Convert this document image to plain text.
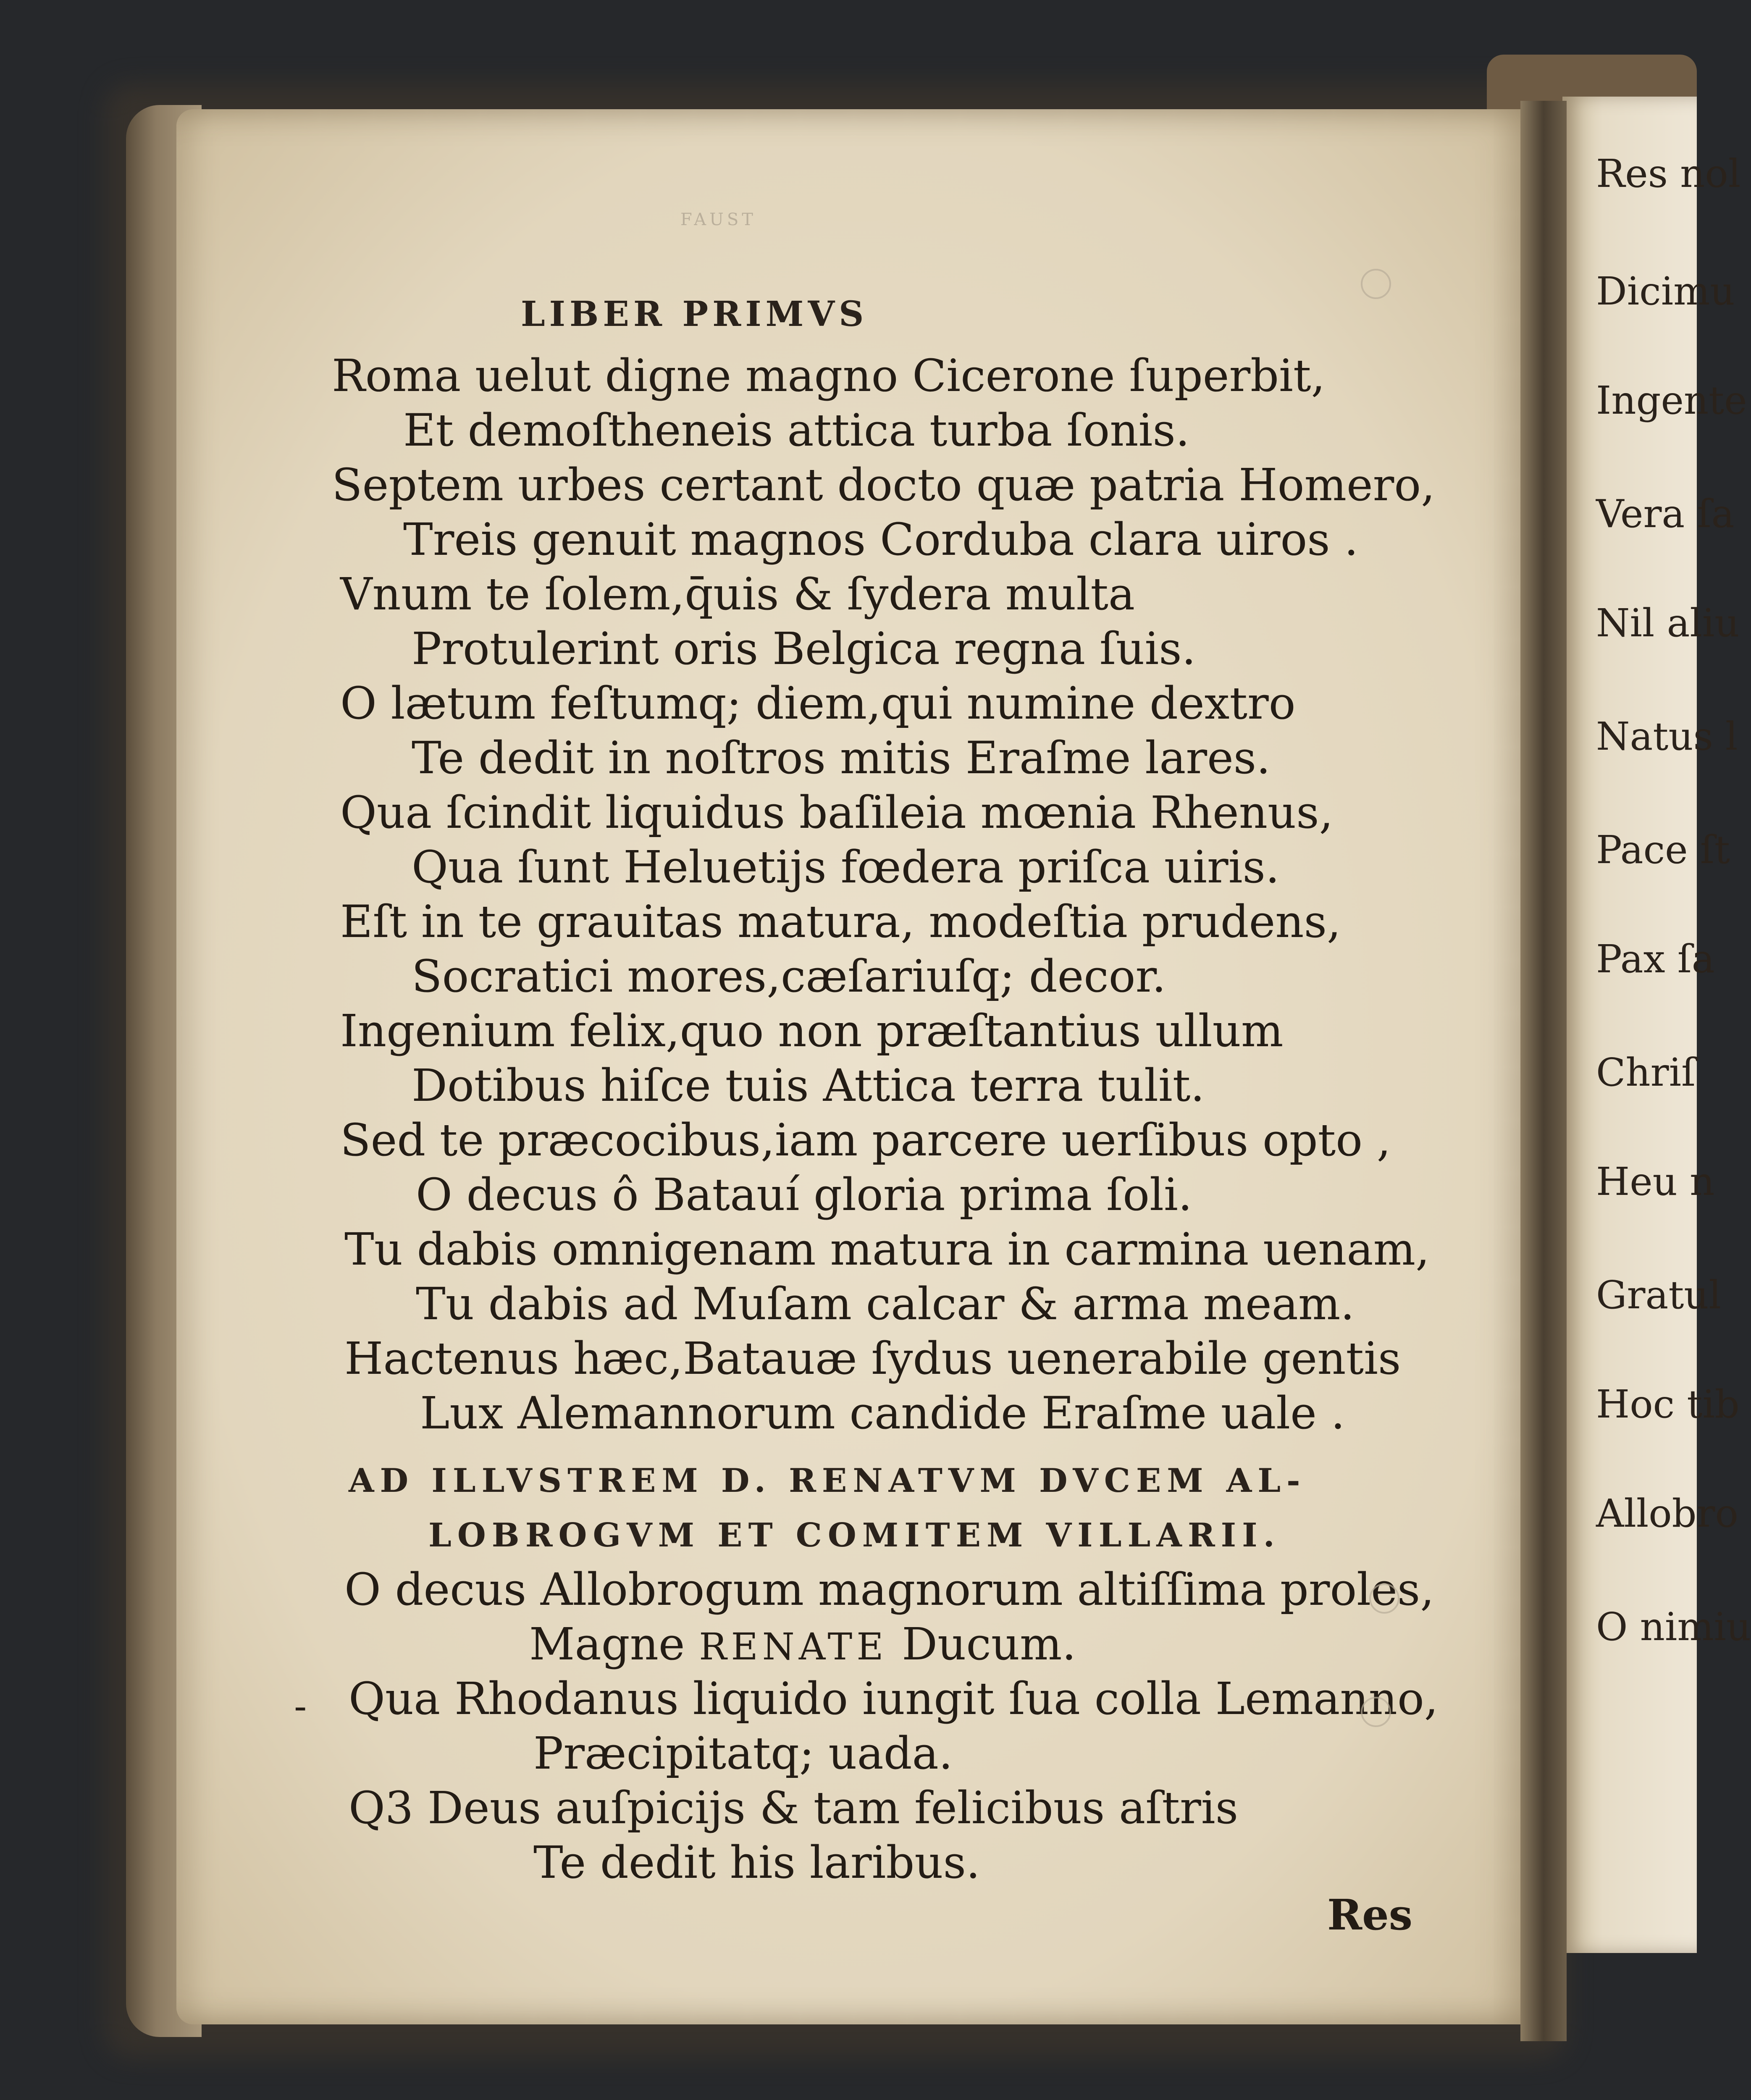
FAUST
LIBER PRIMVS
Roma uelut digne magno Cicerone ſuperbit,
Et demoſtheneis attica turba ſonis.
Septem urbes certant docto quæ patria Homero,
Treis genuit magnos Corduba clara uiros .
Vnum te ſolem,q̄uis & ſydera multa
Protulerint oris Belgica regna ſuis.
O lætum feſtumq; diem,qui numine dextro
Te dedit in noſtros mitis Eraſme lares.
Qua ſcindit liquidus baſileia mœnia Rhenus,
Qua ſunt Heluetijs fœdera priſca uiris.
Eſt in te grauitas matura, modeſtia prudens,
Socratici mores,cæſariuſq; decor.
Ingenium felix,quo non præſtantius ullum
Dotibus hiſce tuis Attica terra tulit.
Sed te præcocibus,iam parcere uerſibus opto ,
O decus ô Batauí gloria prima ſoli.
Tu dabis omnigenam matura in carmina uenam,
Tu dabis ad Muſam calcar & arma meam.
Hactenus hæc,Batauæ ſydus uenerabile gentis
Lux Alemannorum candide Eraſme uale .
AD ILLVSTREM D. RENATVM DVCEM AL-
LOBROGVM ET COMITEM VILLARII.
O decus Allobrogum magnorum altiſſima proles,
Magne RENATE Ducum.
Qua Rhodanus liquido iungit ſua colla Lemanno,
Præcipitatq; uada.
Q3 Deus auſpicijs & tam felicibus aſtris
Te dedit his laribus.
-
Res
Res nol
Dicimu
Ingente
Vera ſa
Nil aliu
Natus l
Pace ſt
Pax ſa
Chriſ
Heu n
Gratul
Hoc tib
Allobro
O nimiu
